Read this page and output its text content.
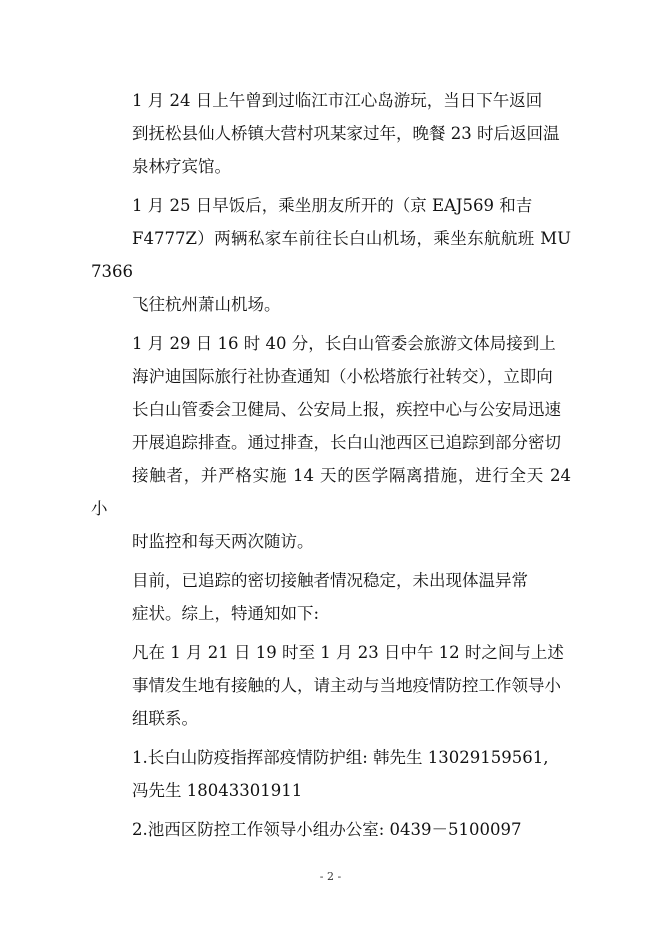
1 月 24 日上午曾到过临江市江心岛游玩，当日下午返回
到抚松县仙人桥镇大营村巩某家过年，晚餐 23 时后返回温
泉林疗宾馆。

1 月 25 日早饭后，乘坐朋友所开的（京 EAJ569 和吉
F4777Z）两辆私家车前往长白山机场，乘坐东航航班 MU7366
飞往杭州萧山机场。

1 月 29 日 16 时 40 分，长白山管委会旅游文体局接到上
海沪迪国际旅行社协查通知（小松塔旅行社转交），立即向
长白山管委会卫健局、公安局上报，疾控中心与公安局迅速
开展追踪排查。通过排查，长白山池西区已追踪到部分密切
接触者，并严格实施 14 天的医学隔离措施，进行全天 24 小
时监控和每天两次随访。

目前，已追踪的密切接触者情况稳定，未出现体温异常
症状。综上，特通知如下:

凡在 1 月 21 日 19 时至 1 月 23 日中午 12 时之间与上述
事情发生地有接触的人，请主动与当地疫情防控工作领导小
组联系。

1.长白山防疫指挥部疫情防护组: 韩先生 13029159561,
冯先生 18043301911

2.池西区防控工作领导小组办公室: 0439－5100097

- 2 -
